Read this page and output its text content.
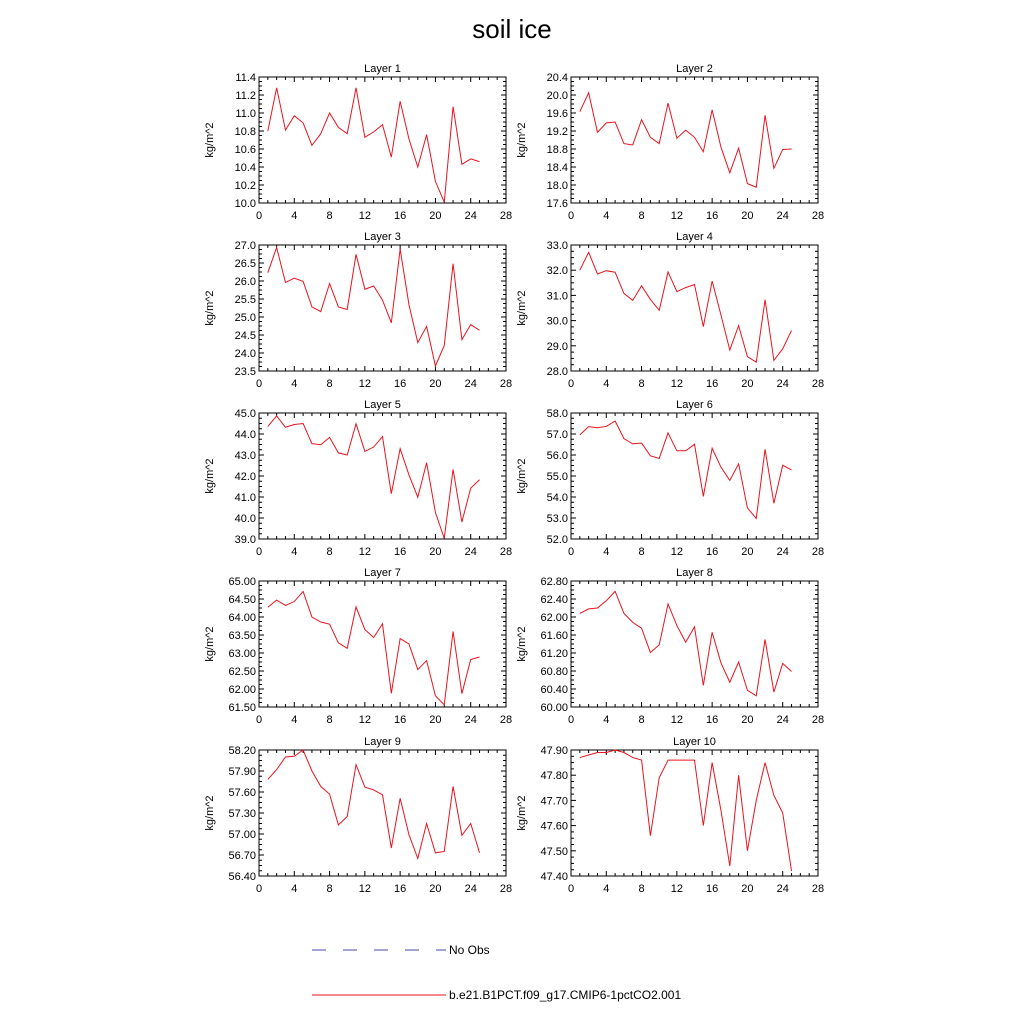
soil ice
Layer 1
0	4	8 12 16 20 24 28
10.0
10.2
10.4
10.6
10.8
11.0
11.2
11.4
kg/m^2
Layer 2
0	4	8 12 16 20 24 28
17.6
18.0
18.4
18.8
19.2
19.6
20.0
20.4
kg/m^2
Layer 3
0	4	8 12 16 20 24 28
23.5
24.0
24.5
25.0
25.5
26.0
26.5
27.0
kg/m^2
Layer 4
0	4	8 12 16 20 24 28
28.0
29.0
30.0
31.0
32.0
33.0
kg/m^2
Layer 5
0	4	8 12 16 20 24 28
39.0
40.0
41.0
42.0
43.0
44.0
45.0
kg/m^2
Layer 6
0	4	8 12 16 20 24 28
52.0
53.0
54.0
55.0
56.0
57.0
58.0
kg/m^2
Layer 7
0	4	8 12 16 20 24 28
61.50
62.00
62.50
63.00
63.50
64.00
64.50
65.00
kg/m^2
Layer 8
0	4	8 12 16 20 24 28
60.00
60.40
60.80
61.20
61.60
62.00
62.40
62.80
kg/m^2
Layer 9
0	4	8 12 16 20 24 28
56.40
56.70
57.00
57.30
57.60
57.90
58.20
kg/m^2
Layer 10
0	4	8 12 16 20 24 28
47.40
47.50
47.60
47.70
47.80
47.90
kg/m^2
No Obs
b.e21.B1PCT.f09_g17.CMIP6-1pctCO2.001
